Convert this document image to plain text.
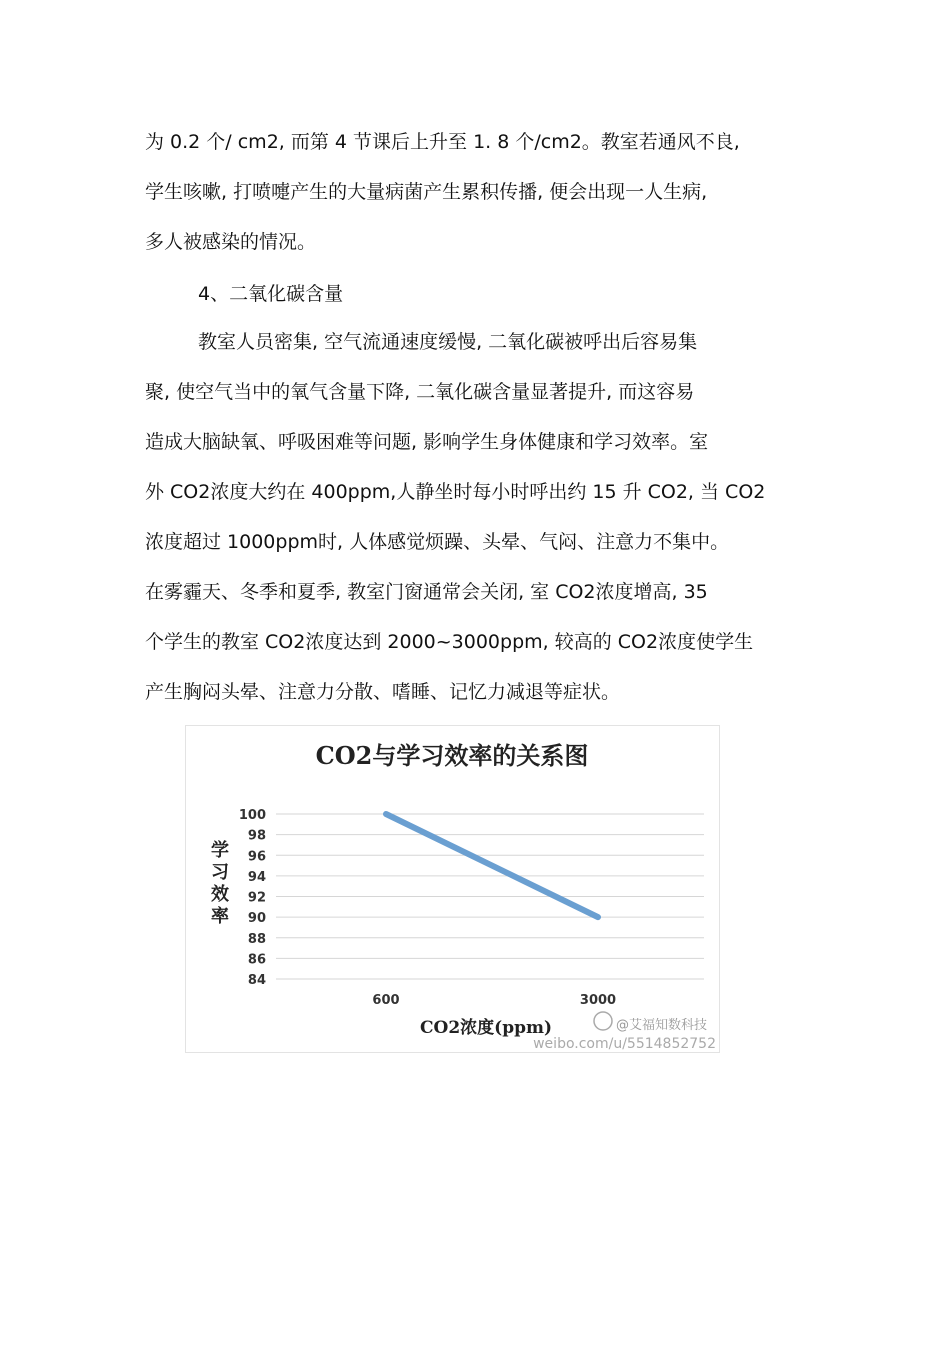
为 0.2 个/ cm2, 而第 4 节课后上升至 1. 8 个/cm2。教室若通风不良,
学生咳嗽, 打喷嚏产生的大量病菌产生累积传播, 便会出现一人生病,
多人被感染的情况。
4、二氧化碳含量
教室人员密集, 空气流通速度缓慢, 二氧化碳被呼出后容易集
聚, 使空气当中的氧气含量下降, 二氧化碳含量显著提升, 而这容易
造成大脑缺氧、呼吸困难等问题, 影响学生身体健康和学习效率。室
外 CO2浓度大约在 400ppm,人静坐时每小时呼出约 15 升 CO2, 当 CO2
浓度超过 1000ppm时, 人体感觉烦躁、头晕、气闷、注意力不集中。
在雾霾天、冬季和夏季, 教室门窗通常会关闭, 室 CO2浓度增高, 35
个学生的教室 CO2浓度达到 2000~3000ppm, 较高的 CO2浓度使学生
产生胸闷头晕、注意力分散、嗜睡、记忆力减退等症状。
CO2与学习效率的关系图
100
98
96
94
92
90
88
86
84
600	3000
学
习
效
率
CO2浓度(ppm)	@艾福知数科技
weibo.com/u/5514852752
